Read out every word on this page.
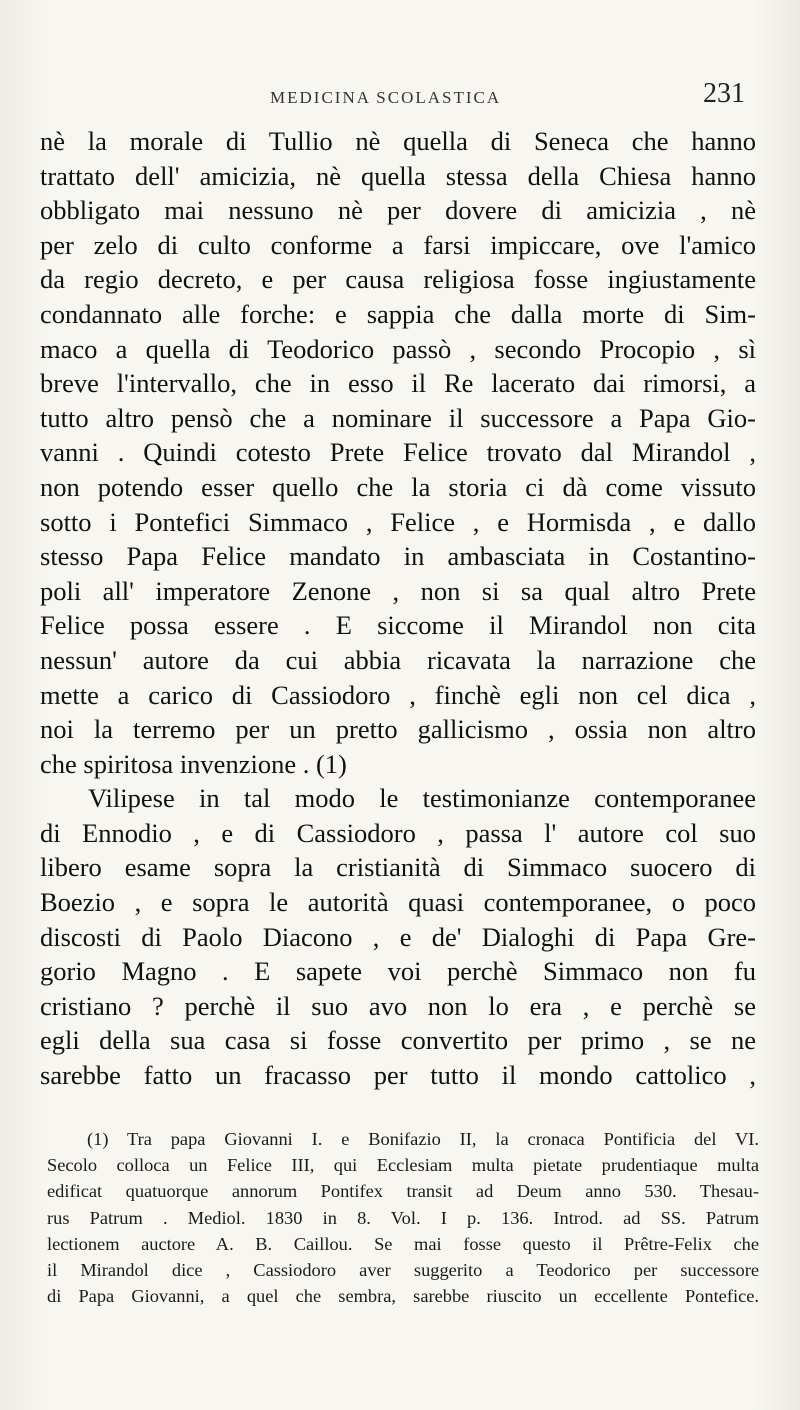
MEDICINA SCOLASTICA	231
nè la morale di Tullio nè quella di Seneca che hanno
trattato dell' amicizia, nè quella stessa della Chiesa hanno
obbligato mai nessuno nè per dovere di amicizia , nè
per zelo di culto conforme a farsi impiccare, ove l'amico
da regio decreto, e per causa religiosa fosse ingiustamente
condannato alle forche: e sappia che dalla morte di Sim-
maco a quella di Teodorico passò , secondo Procopio , sì
breve l'intervallo, che in esso il Re lacerato dai rimorsi, a
tutto altro pensò che a nominare il successore a Papa Gio-
vanni . Quindi cotesto Prete Felice trovato dal Mirandol ,
non potendo esser quello che la storia ci dà come vissuto
sotto i Pontefici Simmaco , Felice , e Hormisda , e dallo
stesso Papa Felice mandato in ambasciata in Costantino-
poli all' imperatore Zenone , non si sa qual altro Prete
Felice possa essere . E siccome il Mirandol non cita
nessun' autore da cui abbia ricavata la narrazione che
mette a carico di Cassiodoro , finchè egli non cel dica ,
noi la terremo per un pretto gallicismo , ossia non altro
che spiritosa invenzione . (1)
Vilipese in tal modo le testimonianze contemporanee
di Ennodio , e di Cassiodoro , passa l' autore col suo
libero esame sopra la cristianità di Simmaco suocero di
Boezio , e sopra le autorità quasi contemporanee, o poco
discosti di Paolo Diacono , e de' Dialoghi di Papa Gre-
gorio Magno . E sapete voi perchè Simmaco non fu
cristiano ? perchè il suo avo non lo era , e perchè se
egli della sua casa si fosse convertito per primo , se ne
sarebbe fatto un fracasso per tutto il mondo cattolico ,
(1) Tra papa Giovanni I. e Bonifazio II, la cronaca Pontificia del VI.
Secolo colloca un Felice III, qui Ecclesiam multa pietate prudentiaque multa
edificat quatuorque annorum Pontifex transit ad Deum anno 530. Thesau-
rus Patrum . Mediol. 1830 in 8. Vol. I p. 136. Introd. ad SS. Patrum
lectionem auctore A. B. Caillou. Se mai fosse questo il Prêtre-Felix che
il Mirandol dice , Cassiodoro aver suggerito a Teodorico per successore
di Papa Giovanni, a quel che sembra, sarebbe riuscito un eccellente Pontefice.
